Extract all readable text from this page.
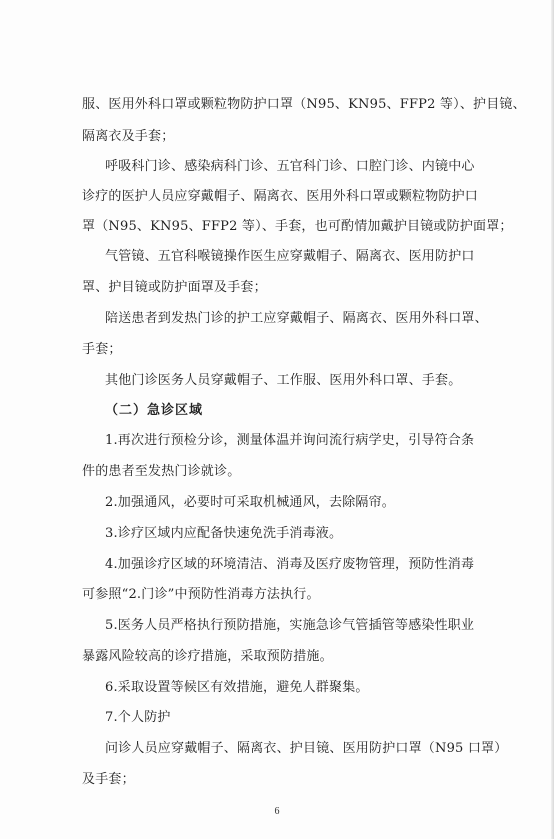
服、医用外科口罩或颗粒物防护口罩（N95、KN95、FFP2 等）、护目镜、
隔离衣及手套；
呼吸科门诊、感染病科门诊、五官科门诊、口腔门诊、内镜中心
诊疗的医护人员应穿戴帽子、隔离衣、医用外科口罩或颗粒物防护口
罩（N95、KN95、FFP2 等）、手套，也可酌情加戴护目镜或防护面罩；
气管镜、五官科喉镜操作医生应穿戴帽子、隔离衣、医用防护口
罩、护目镜或防护面罩及手套；
陪送患者到发热门诊的护工应穿戴帽子、隔离衣、医用外科口罩、
手套；
其他门诊医务人员穿戴帽子、工作服、医用外科口罩、手套。
（二）急诊区域
1.再次进行预检分诊，测量体温并询问流行病学史，引导符合条
件的患者至发热门诊就诊。
2.加强通风，必要时可采取机械通风，去除隔帘。
3.诊疗区域内应配备快速免洗手消毒液。
4.加强诊疗区域的环境清洁、消毒及医疗废物管理，预防性消毒
可参照“2.门诊”中预防性消毒方法执行。
5.医务人员严格执行预防措施，实施急诊气管插管等感染性职业
暴露风险较高的诊疗措施，采取预防措施。
6.采取设置等候区有效措施，避免人群聚集。
7.个人防护
问诊人员应穿戴帽子、隔离衣、护目镜、医用防护口罩（N95 口罩）
及手套；
6
